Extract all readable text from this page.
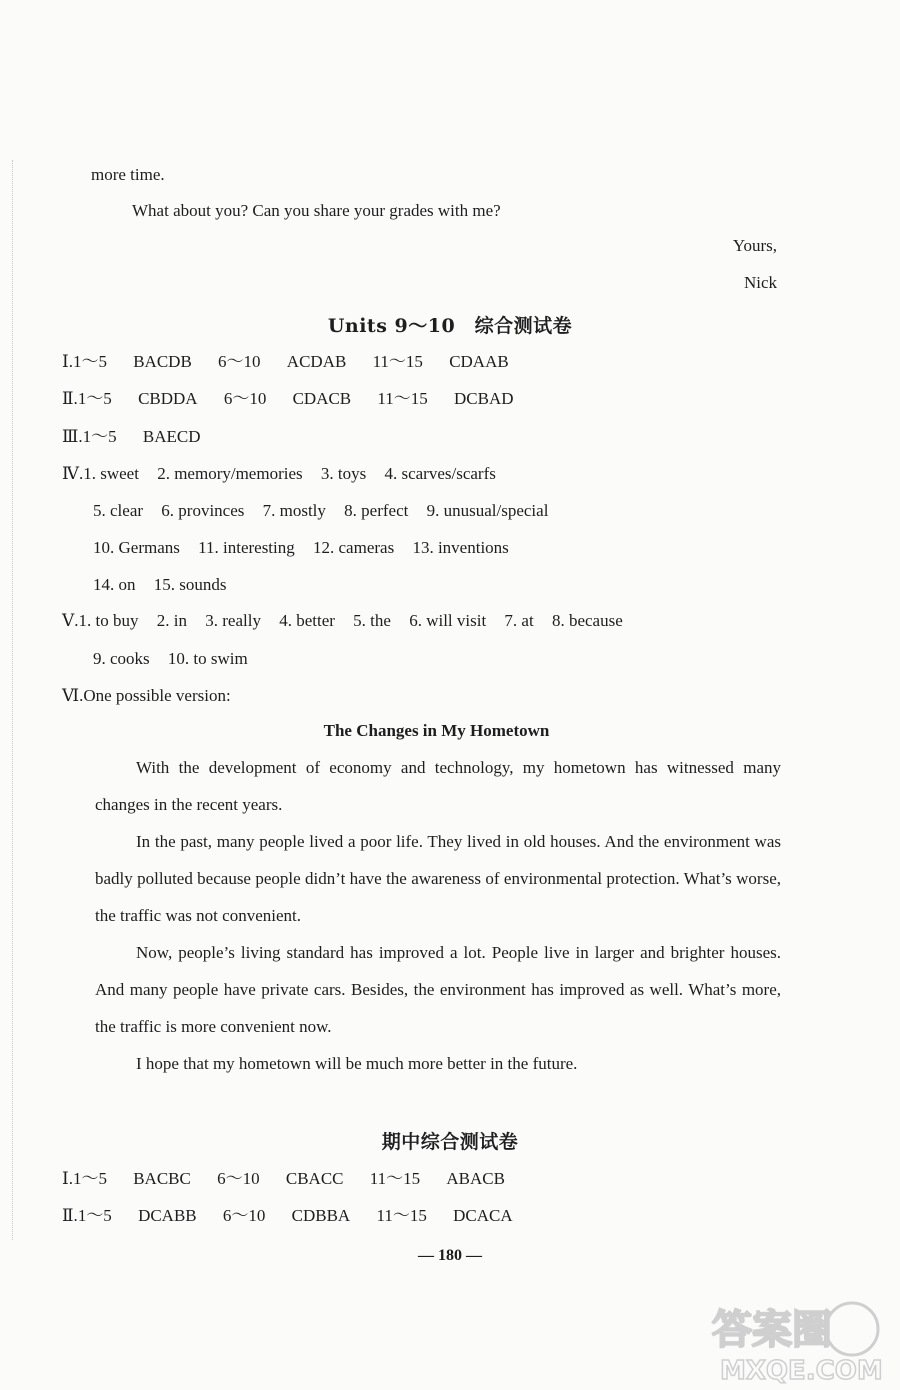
more time.
What about you? Can you share your grades with me?
Yours,
Nick
Units 9～10　综合测试卷
Ⅰ.1～5 BACDB 6～10 ACDAB 11～15 CDAAB
Ⅱ.1～5 CBDDA 6～10 CDACB 11～15 DCBAD
Ⅲ.1～5 BAECD
Ⅳ.1. sweet 2. memory/memories 3. toys 4. scarves/scarfs
5. clear 6. provinces 7. mostly 8. perfect 9. unusual/special
10. Germans 11. interesting 12. cameras 13. inventions
14. on 15. sounds
Ⅴ.1. to buy 2. in 3. really 4. better 5. the 6. will visit 7. at 8. because
9. cooks 10. to swim
Ⅵ.One possible version:
The Changes in My Hometown
With the development of economy and technology, my hometown has witnessed many changes in the recent years.
In the past, many people lived a poor life. They lived in old houses. And the environment was badly polluted because people didn’t have the awareness of environmental protection. What’s worse, the traffic was not convenient.
Now, people’s living standard has improved a lot. People live in larger and brighter houses. And many people have private cars. Besides, the environment has improved as well. What’s more, the traffic is more convenient now.
I hope that my hometown will be much more better in the future.
期中综合测试卷
Ⅰ.1～5 BACBC 6～10 CBACC 11～15 ABACB
Ⅱ.1～5 DCABB 6～10 CDBBA 11～15 DCACA
— 180 —
答案圈
MXQE.COM
